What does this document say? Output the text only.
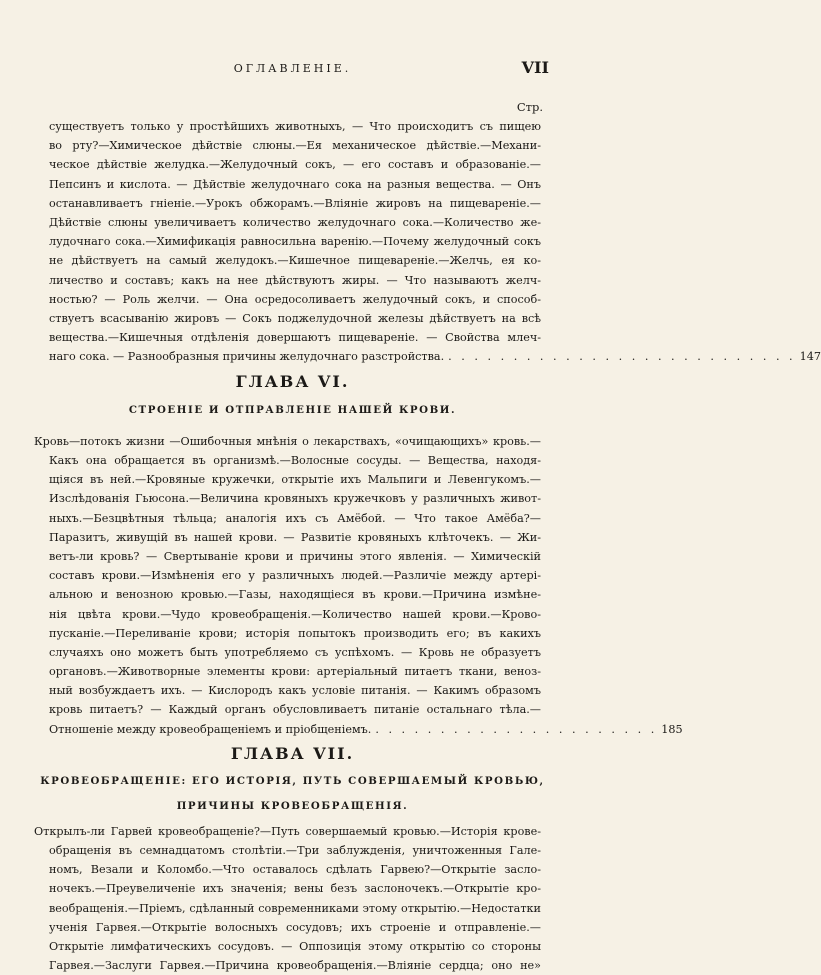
ОГЛАВЛЕНІЕ.	VII
Стр.
существуетъ только у простѣйшихъ животныхъ, — Что происходитъ съ пищею
во рту?—Химическое дѣйствіе слюны.—Ея механическое дѣйствіе.—Механи-
ческое дѣйствіе желудка.—Желудочный сокъ, — его составъ и образованіе.—
Пепсинъ и кислота. — Дѣйствіе желудочнаго сока на разныя вещества. — Онъ
останавливаетъ гніеніе.—Урокъ обжорамъ.—Вліяніе жировъ на пищевареніе.—
Дѣйствіе слюны увеличиваетъ количество желудочнаго сока.—Количество же-
лудочнаго сока.—Химификація равносильна варенію.—Почему желудочный сокъ
не дѣйствуетъ на самый желудокъ.—Кишечное пищевареніе.—Желчь, ея ко-
личество и составъ; какъ на нее дѣйствуютъ жиры. — Что называютъ желч-
ностью? — Роль желчи. — Она осредосоливаетъ желудочный сокъ, и способ-
ствуетъ всасыванію жировъ — Сокъ поджелудочной железы дѣйствуетъ на всѣ
вещества.—Кишечныя отдѣленія довершаютъ пищевареніе. — Свойства млеч-
наго сока. — Разнообразныя причины желудочнаго разстройства. . . . . . . . . . . . . . . . . . . . . . . . . . . . 147
ГЛАВА VI.
СТРОЕНІЕ И ОТПРАВЛЕНІЕ НАШЕЙ КРОВИ.
Кровь—потокъ жизни —Ошибочныя мнѣнія о лекарствахъ, «очищающихъ» кровь.—
Какъ она обращается въ организмѣ.—Волосные сосуды. — Вещества, находя-
щіяся въ ней.—Кровяные кружечки, открытіе ихъ Мальпиги и Левенгукомъ.—
Изслѣдованія Гьюсона.—Величина кровяныхъ кружечковъ у различныхъ живот-
ныхъ.—Безцвѣтныя тѣльца; аналогія ихъ съ Амёбой. — Что такое Амёба?—
Паразитъ, живущій въ нашей крови. — Развитіе кровяныхъ клѣточекъ. — Жи-
ветъ-ли кровь? — Свертываніе крови и причины этого явленія. — Химическій
составъ крови.—Измѣненія его у различныхъ людей.—Различіе между артері-
альною и венозною кровью.—Газы, находящіеся въ крови.—Причина измѣне-
нія цвѣта крови.—Чудо кровеобращенія.—Количество нашей крови.—Крово-
пусканіе.—Переливаніе крови; исторія попытокъ производить его; въ какихъ
случаяхъ оно можетъ быть употребляемо съ успѣхомъ. — Кровь не образуетъ
органовъ.—Животворные элементы крови: артеріальный питаетъ ткани, веноз-
ный возбуждаетъ ихъ. — Кислородъ какъ условіе питанія. — Какимъ образомъ
кровь питаетъ? — Каждый органъ обусловливаетъ питаніе остальнаго тѣла.—
Отношеніе между кровеобращеніемъ и пріобщеніемъ. . . . . . . . . . . . . . . . . . . . . . . 185
ГЛАВА VII.
КРОВЕОБРАЩЕНІЕ: ЕГО ИСТОРІЯ, ПУТЬ СОВЕРШАЕМЫЙ КРОВЬЮ,
ПРИЧИНЫ КРОВЕОБРАЩЕНІЯ.
Открылъ-ли Гарвей кровеобращеніе?—Путь совершаемый кровью.—Исторія крове-
обращенія въ семнадцатомъ столѣтіи.—Три заблужденія, уничтоженныя Гале-
номъ, Везали и Коломбо.—Что оставалось сдѣлать Гарвею?—Открытіе засло-
ночекъ.—Преувеличеніе ихъ значенія; вены безъ заслоночекъ.—Открытіе кро-
веобращенія.—Пріемъ, сдѣланный современниками этому открытію.—Недостатки
ученія Гарвея.—Открытіе волосныхъ сосудовъ; ихъ строеніе и отправленіе.—
Открытіе лимфатическихъ сосудовъ. — Оппозиція этому открытію со стороны
Гарвея.—Заслуги Гарвея.—Причина кровеобращенія.—Вліяніе сердца; оно не»
